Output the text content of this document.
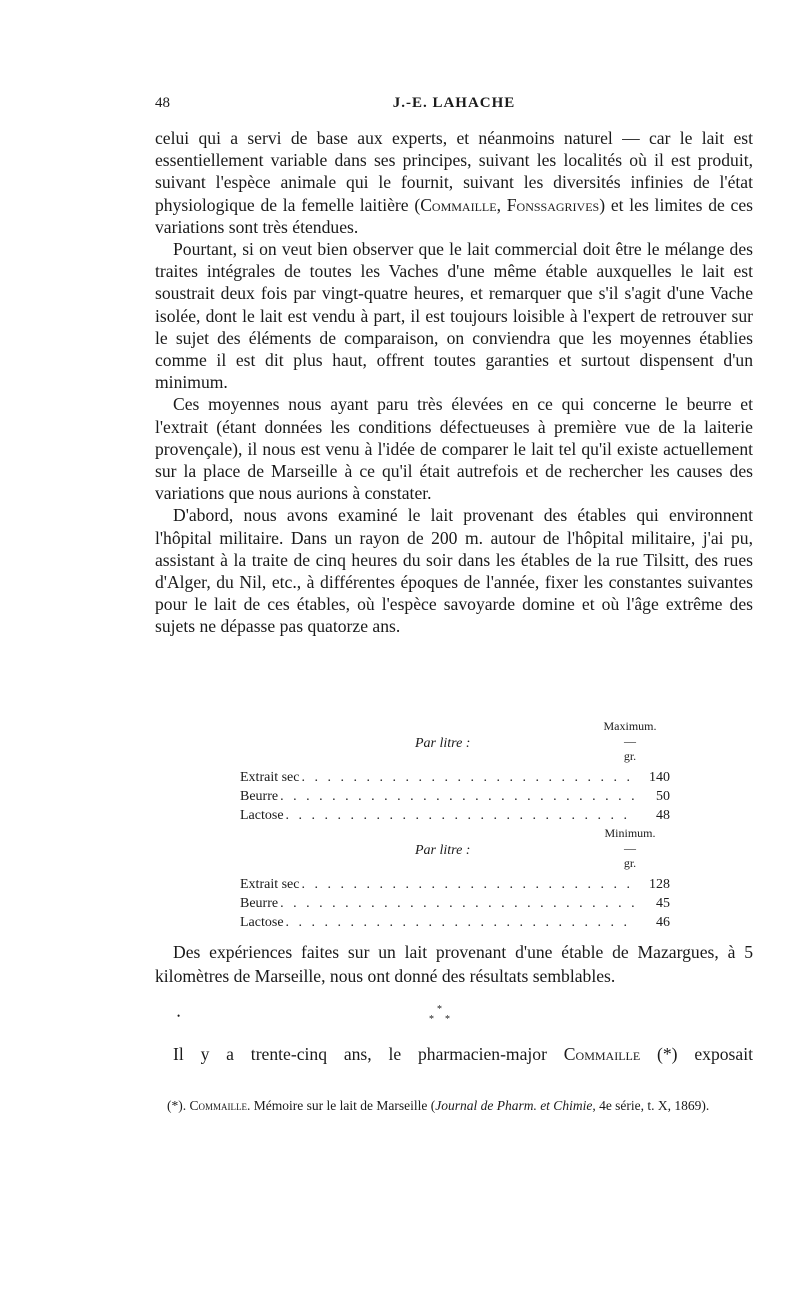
48	J.-E. LAHACHE

celui qui a servi de base aux experts, et néanmoins naturel — car le lait est essentiellement variable dans ses principes, suivant les localités où il est produit, suivant l'espèce animale qui le fournit, suivant les diversités infinies de l'état physiologique de la femelle laitière (Commaille, Fonssagrives) et les limites de ces variations sont très étendues.

Pourtant, si on veut bien observer que le lait commercial doit être le mélange des traites intégrales de toutes les Vaches d'une même étable auxquelles le lait est soustrait deux fois par vingt-quatre heures, et remarquer que s'il s'agit d'une Vache isolée, dont le lait est vendu à part, il est toujours loisible à l'expert de retrouver sur le sujet des éléments de comparaison, on conviendra que les moyennes établies comme il est dit plus haut, offrent toutes garanties et surtout dispensent d'un minimum.

Ces moyennes nous ayant paru très élevées en ce qui concerne le beurre et l'extrait (étant données les conditions défectueuses à première vue de la laiterie provençale), il nous est venu à l'idée de comparer le lait tel qu'il existe actuellement sur la place de Marseille à ce qu'il était autrefois et de rechercher les causes des variations que nous aurions à constater.

D'abord, nous avons examiné le lait provenant des étables qui environnent l'hôpital militaire. Dans un rayon de 200 m. autour de l'hôpital militaire, j'ai pu, assistant à la traite de cinq heures du soir dans les étables de la rue Tilsitt, des rues d'Alger, du Nil, etc., à différentes époques de l'année, fixer les constantes suivantes pour le lait de ces étables, où l'espèce savoyarde domine et où l'âge extrême des sujets ne dépasse pas quatorze ans.

Par litre :
Maximum.
—
gr.
Extrait sec . . .	140
Beurre . . .	50
Lactose . . .	48
Par litre :
Minimum.
—
gr.
Extrait sec . . .	128
Beurre . . .	45
Lactose . . .	46

Des expériences faites sur un lait provenant d'une étable de Mazargues, à 5 kilomètres de Marseille, nous ont donné des résultats semblables.

•
*
* *
Il y a trente-cinq ans, le pharmacien-major Commaille (*) exposait
(*). Commaille. Mémoire sur le lait de Marseille (Journal de Pharm. et Chimie, 4e série, t. X, 1869).
